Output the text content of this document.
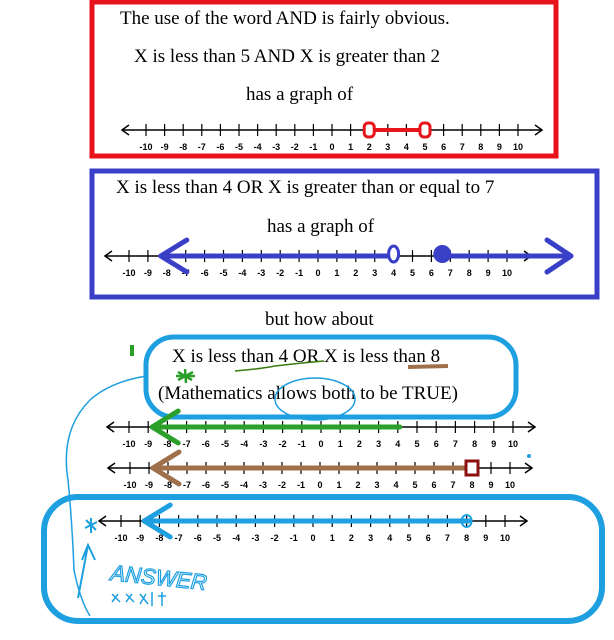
The use of the word AND is fairly obvious.
X is less than 5 AND X is greater than 2
has a graph of
-10 -9 -8 -7 -6 -5 -4 -3 -2 -1 0 1 2 3 4 5 6 7 8 9 10
X is less than 4 OR X is greater than or equal to 7
has a graph of
-10 -9 -8 -7 -6 -5 -4 -3 -2 -1 0 1 2 3 4 5 6 7 8 9 10
but how about
X is less than 4 OR X is less than 8
(Mathematics allows both to be TRUE)
-10 -9 -8 -7 -6 -5 -4 -3 -2 -1 0 1 2 3 4 5 6 7 8 9 10
-10 -9 -8 -7 -6 -5 -4 -3 -2 -1 0 1 2 3 4 5 6 7 8 9 10
-10 -9 -8 -7 -6 -5 -4 -3 -2 -1 0 1 2 3 4 5 6 7 8 9 10
ANSWER
